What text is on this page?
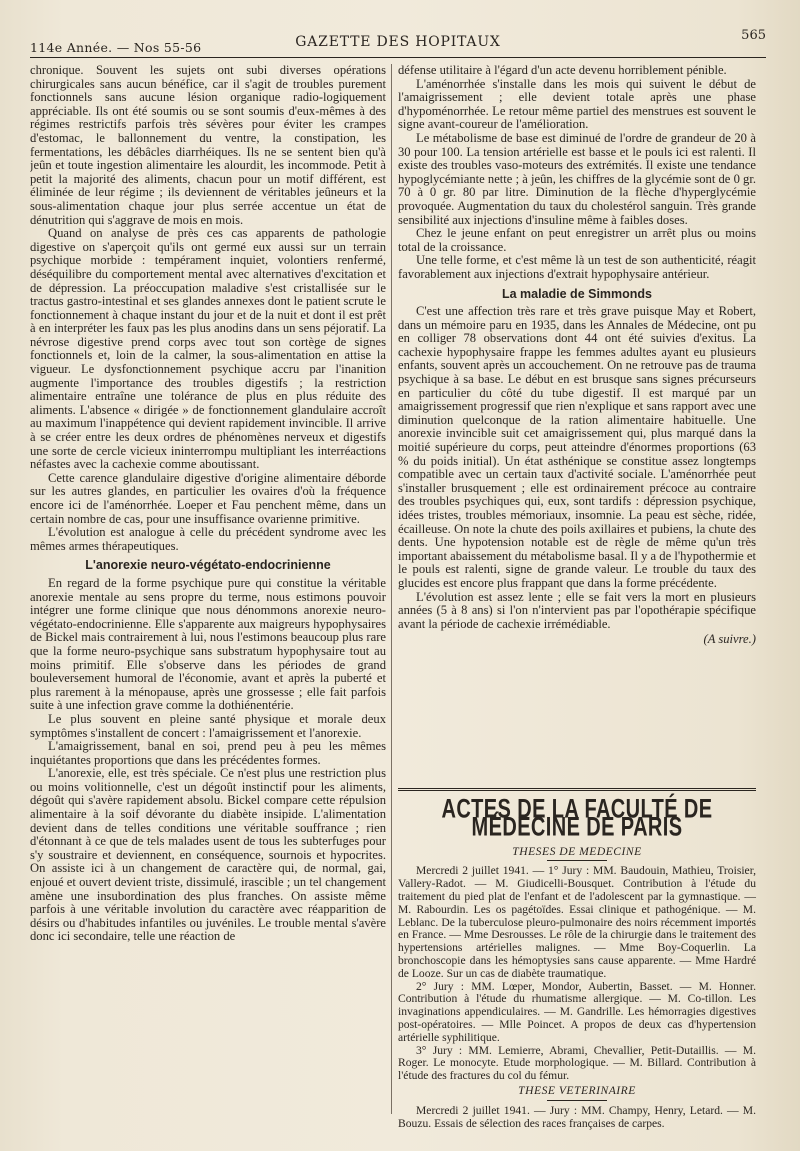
114e Année. — Nos 55-56	GAZETTE DES HOPITAUX	565

chronique. Souvent les sujets ont subi diverses opérations chirurgicales sans aucun bénéfice, car il s'agit de troubles purement fonctionnels sans aucune lésion organique radio-logiquement appréciable. Ils ont été soumis ou se sont soumis d'eux-mêmes à des régimes restrictifs parfois très sévères pour éviter les crampes d'estomac, le ballonnement du ventre, la constipation, les fermentations, les débâcles diarrhéiques. Ils ne se sentent bien qu'à jeûn et toute ingestion alimentaire les alourdit, les incommode. Petit à petit la majorité des aliments, chacun pour un motif différent, est éliminée de leur régime ; ils deviennent de véritables jeûneurs et la sous-alimentation chaque jour plus serrée accentue un état de dénutrition qui s'aggrave de mois en mois.

Quand on analyse de près ces cas apparents de pathologie digestive on s'aperçoit qu'ils ont germé eux aussi sur un terrain psychique morbide : tempérament inquiet, volontiers renfermé, déséquilibre du comportement mental avec alternatives d'excitation et de dépression. La préoccupation maladive s'est cristallisée sur le tractus gastro-intestinal et ses glandes annexes dont le patient scrute le fonctionnement à chaque instant du jour et de la nuit et dont il est prêt à en interpréter les faux pas les plus anodins dans un sens péjoratif. La névrose digestive prend corps avec tout son cortège de signes fonctionnels et, loin de la calmer, la sous-alimentation en attise la vigueur. Le dysfonctionnement psychique accru par l'inanition augmente l'importance des troubles digestifs ; la restriction alimentaire entraîne une tolérance de plus en plus réduite des aliments. L'absence « dirigée » de fonctionnement glandulaire accroît au maximum l'inappétence qui devient rapidement invincible. Il arrive à se créer entre les deux ordres de phénomènes nerveux et digestifs une sorte de cercle vicieux ininterrompu multipliant les interréactions néfastes avec la cachexie comme aboutissant.

Cette carence glandulaire digestive d'origine alimentaire déborde sur les autres glandes, en particulier les ovaires d'où la fréquence encore ici de l'aménorrhée. Loeper et Fau penchent même, dans un certain nombre de cas, pour une insuffisance ovarienne primitive.

L'évolution est analogue à celle du précédent syndrome avec les mêmes armes thérapeutiques.

L'anorexie neuro-végétato-endocrinienne

En regard de la forme psychique pure qui constitue la véritable anorexie mentale au sens propre du terme, nous estimons pouvoir intégrer une forme clinique que nous dénommons anorexie neuro-végétato-endocrinienne. Elle s'apparente aux maigreurs hypophysaires de Bickel mais contrairement à lui, nous l'estimons beaucoup plus rare que la forme neuro-psychique sans substratum hypophysaire tout au moins primitif. Elle s'observe dans les périodes de grand bouleversement humoral de l'économie, avant et après la puberté et plus rarement à la ménopause, après une grossesse ; elle fait parfois suite à une infection grave comme la dothiénentérie.

Le plus souvent en pleine santé physique et morale deux symptômes s'installent de concert : l'amaigrissement et l'anorexie.

L'amaigrissement, banal en soi, prend peu à peu les mêmes inquiétantes proportions que dans les précédentes formes.

L'anorexie, elle, est très spéciale. Ce n'est plus une restriction plus ou moins volitionnelle, c'est un dégoût instinctif pour les aliments, dégoût qui s'avère rapidement absolu. Bickel compare cette répulsion alimentaire à la soif dévorante du diabète insipide. L'alimentation devient dans de telles conditions une véritable souffrance ; rien d'étonnant à ce que de tels malades usent de tous les subterfuges pour s'y soustraire et deviennent, en conséquence, sournois et hypocrites. On assiste ici à un changement de caractère qui, de normal, gai, enjoué et ouvert devient triste, dissimulé, irascible ; un tel changement amène une insubordination des plus franches. On assiste même parfois à une véritable involution du caractère avec réapparition de désirs ou d'habitudes infantiles ou juvéniles. Le trouble mental s'avère donc ici secondaire, telle une réaction de

défense utilitaire à l'égard d'un acte devenu horriblement pénible.

L'aménorrhée s'installe dans les mois qui suivent le début de l'amaigrissement ; elle devient totale après une phase d'hypoménorrhée. Le retour même partiel des menstrues est souvent le signe avant-coureur de l'amélioration.

Le métabolisme de base est diminué de l'ordre de grandeur de 20 à 30 pour 100. La tension artérielle est basse et le pouls ici est ralenti. Il existe des troubles vaso-moteurs des extrémités. Il existe une tendance hypoglycémiante nette ; à jeûn, les chiffres de la glycémie sont de 0 gr. 70 à 0 gr. 80 par litre. Diminution de la flèche d'hyperglycémie provoquée. Augmentation du taux du cholestérol sanguin. Très grande sensibilité aux injections d'insuline même à faibles doses.

Chez le jeune enfant on peut enregistrer un arrêt plus ou moins total de la croissance.

Une telle forme, et c'est même là un test de son authenticité, réagit favorablement aux injections d'extrait hypophysaire antérieur.

La maladie de Simmonds

C'est une affection très rare et très grave puisque May et Robert, dans un mémoire paru en 1935, dans les Annales de Médecine, ont pu en colliger 78 observations dont 44 ont été suivies d'exitus. La cachexie hypophysaire frappe les femmes adultes ayant eu plusieurs enfants, souvent après un accouchement. On ne retrouve pas de trauma psychique à sa base. Le début en est brusque sans signes précurseurs en particulier du côté du tube digestif. Il est marqué par un amaigrissement progressif que rien n'explique et sans rapport avec une diminution quelconque de la ration alimentaire habituelle. Une anorexie invincible suit cet amaigrissement qui, plus marqué dans la moitié supérieure du corps, peut atteindre d'énormes proportions (63 % du poids initial). Un état asthénique se constitue assez longtemps compatible avec un certain taux d'activité sociale. L'aménorrhée peut s'installer brusquement ; elle est ordinairement précoce au contraire des troubles psychiques qui, eux, sont tardifs : dépression psychique, idées tristes, troubles mémoriaux, insomnie. La peau est sèche, ridée, écailleuse. On note la chute des poils axillaires et pubiens, la chute des dents. Une hypotension notable est de règle de même qu'un très important abaissement du métabolisme basal. Il y a de l'hypothermie et le pouls est ralenti, signe de grande valeur. Le trouble du taux des glucides est encore plus frappant que dans la forme précédente.

L'évolution est assez lente ; elle se fait vers la mort en plusieurs années (5 à 8 ans) si l'on n'intervient pas par l'opothérapie spécifique avant la période de cachexie irrémédiable.

(A suivre.)
ACTES DE LA FACULTÉ DE MÉDECINE DE PARIS
THESES DE MEDECINE

Mercredi 2 juillet 1941. — 1° Jury : MM. Baudouin, Mathieu, Troisier, Vallery-Radot. — M. Giudicelli-Bousquet. Contribution à l'étude du traitement du pied plat de l'enfant et de l'adolescent par la gymnastique. — M. Rabourdin. Les os pagétoïdes. Essai clinique et pathogénique. — M. Leblanc. De la tuberculose pleuro-pulmonaire des noirs récemment importés en France. — Mme Desrousses. Le rôle de la chirurgie dans le traitement des hypertensions artérielles malignes. — Mme Boy-Coquerlin. La bronchoscopie dans les hémoptysies sans cause apparente. — Mme Hardré de Looze. Sur un cas de diabète traumatique.

2° Jury : MM. Lœper, Mondor, Aubertin, Basset. — M. Honner. Contribution à l'étude du rhumatisme allergique. — M. Co-tillon. Les invaginations appendiculaires. — M. Gandrille. Les hémorragies digestives post-opératoires. — Mlle Poincet. A propos de deux cas d'hypertension artérielle syphilitique.

3° Jury : MM. Lemierre, Abrami, Chevallier, Petit-Dutaillis. — M. Roger. Le monocyte. Etude morphologique. — M. Billard. Contribution à l'étude des fractures du col du fémur.

THESE VETERINAIRE

Mercredi 2 juillet 1941. — Jury : MM. Champy, Henry, Letard. — M. Bouzu. Essais de sélection des races françaises de carpes.
